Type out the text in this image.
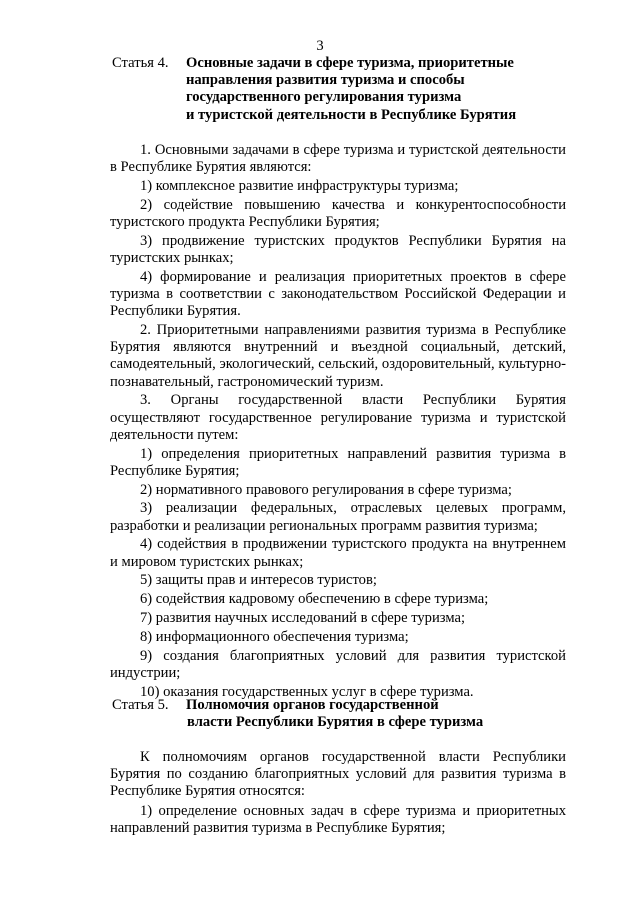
3
Статья 4. Основные задачи в сфере туризма, приоритетные
направления развития туризма и способы
государственного регулирования туризма
и туристской деятельности в Республике Бурятия

1. Основными задачами в сфере туризма и туристской деятельности в Республике Бурятия являются:

1) комплексное развитие инфраструктуры туризма;

2) содействие повышению качества и конкурентоспособности туристского продукта Республики Бурятия;

3) продвижение туристских продуктов Республики Бурятия на туристских рынках;

4) формирование и реализация приоритетных проектов в сфере туризма в соответствии с законодательством Российской Федерации и Республики Бурятия.

2. Приоритетными направлениями развития туризма в Республике Бурятия являются внутренний и въездной социальный, детский, самодеятельный, экологический, сельский, оздоровительный, культурно-познавательный, гастрономический туризм.

3. Органы государственной власти Республики Бурятия осуществляют государственное регулирование туризма и туристской деятельности путем:

1) определения приоритетных направлений развития туризма в Республике Бурятия;

2) нормативного правового регулирования в сфере туризма;

3) реализации федеральных, отраслевых целевых программ, разработки и реализации региональных программ развития туризма;

4) содействия в продвижении туристского продукта на внутреннем и мировом туристских рынках;

5) защиты прав и интересов туристов;

6) содействия кадровому обеспечению в сфере туризма;

7) развития научных исследований в сфере туризма;

8) информационного обеспечения туризма;

9) создания благоприятных условий для развития туристской индустрии;

10) оказания государственных услуг в сфере туризма.

Статья 5. Полномочия органов государственной
власти Республики Бурятия в сфере туризма

К полномочиям органов государственной власти Республики Бурятия по созданию благоприятных условий для развития туризма в Республике Бурятия относятся:

1) определение основных задач в сфере туризма и приоритетных направлений развития туризма в Республике Бурятия;
